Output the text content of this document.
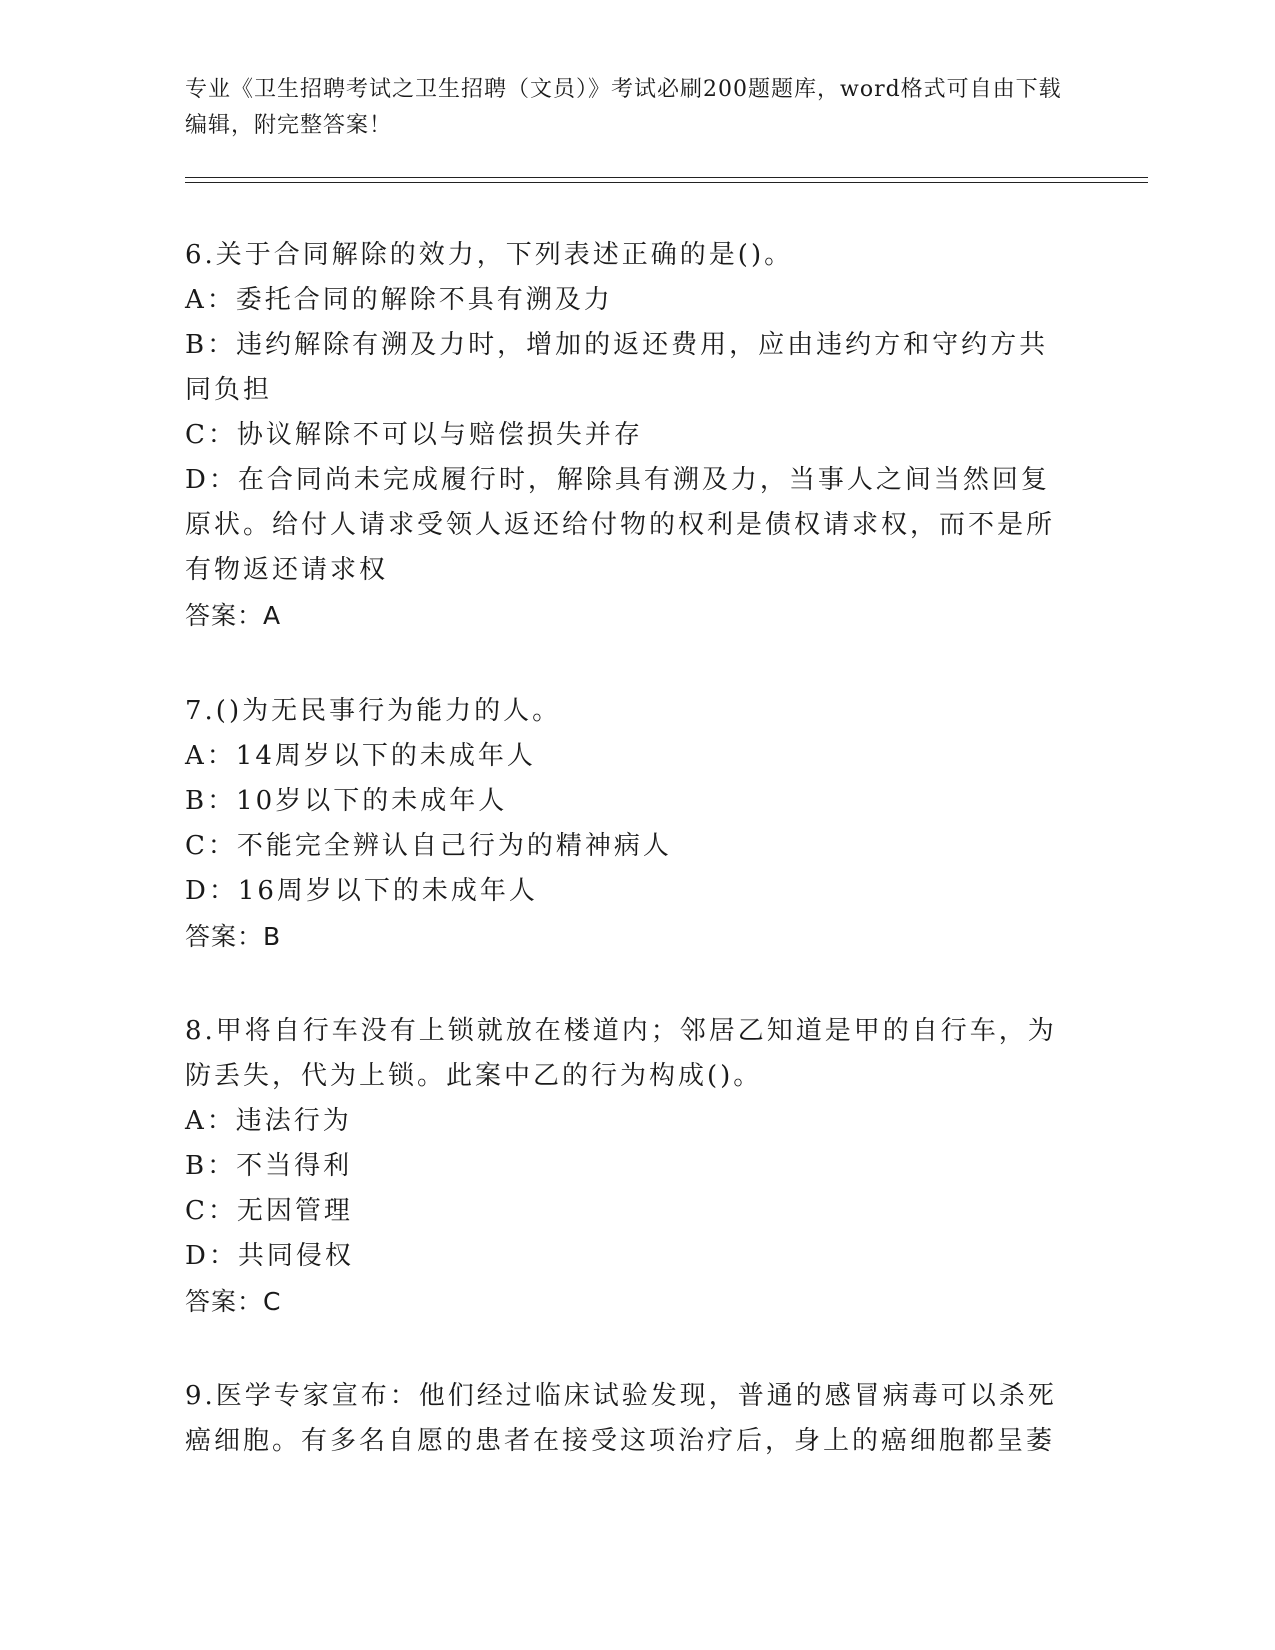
专业《卫生招聘考试之卫生招聘（文员）》考试必刷200题题库，word格式可自由下载编辑，附完整答案！
6.关于合同解除的效力，下列表述正确的是()。
A：委托合同的解除不具有溯及力
B：违约解除有溯及力时，增加的返还费用，应由违约方和守约方共同负担
C：协议解除不可以与赔偿损失并存
D：在合同尚未完成履行时，解除具有溯及力，当事人之间当然回复原状。给付人请求受领人返还给付物的权利是债权请求权，而不是所有物返还请求权
答案：A
7.()为无民事行为能力的人。
A：14周岁以下的未成年人
B：10岁以下的未成年人
C：不能完全辨认自己行为的精神病人
D：16周岁以下的未成年人
答案：B
8.甲将自行车没有上锁就放在楼道内；邻居乙知道是甲的自行车，为防丢失，代为上锁。此案中乙的行为构成()。
A：违法行为
B：不当得利
C：无因管理
D：共同侵权
答案：C
9.医学专家宣布：他们经过临床试验发现，普通的感冒病毒可以杀死癌细胞。有多名自愿的患者在接受这项治疗后，身上的癌细胞都呈萎
